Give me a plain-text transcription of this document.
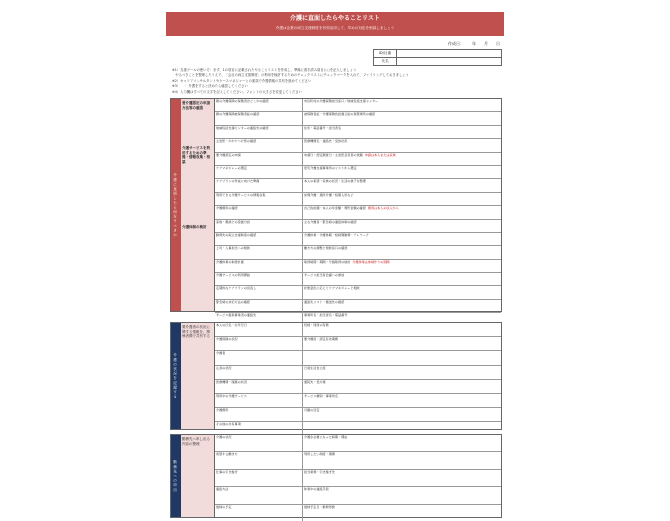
介護に直面したらやることリスト
介護は企業の両立支援制度を有効活用して、早めの対応を相談しましょう
作成日：　　年　　月　　日
ID/社番
氏名
※1）支援ツールの使い方：まず、1の項目に記載されたやることリストを作成し、準備に着手済み項目に○を記入しましょう
　やるべきことを整理したうえで、「会社の両立支援制度」の利用を検討するためのチェックリストにチェックマークを入れて、ファイリングしておきましょう
※2）キャリアコンサルタントやケースマネジャーとの面談で介護情報の共有を進めてください
※3）　　：介護をすると決めたら確認してください
※4）入力欄はすべての文字を記入してください。フォントの大きさを変更してください
介護に直面したら何をすべきか
要介護認定の申請方法等の確認
介護サービスを利用するための準備・情報収集・相談
介護体制の検討
親の介護保険の保険者がどこかの確認	市区町村の介護保険担当窓口／地域包括支援センター
親の介護保険被保険者証の確認	被保険者証・介護保険負担割合証の保管場所の確認
地域包括支援センターの連絡先の確認	住所・電話番号・担当者名
主治医・かかりつけ医の確認	医療機関名・連絡先・受診状況
要介護認定の申請	申請日・認定調査日・主治医意見書の依頼 申請は本人または家族
ケアマネジャーの選定	居宅介護支援事業所のリストから選定
ケアプランの作成に向けた準備	本人の希望・家族の状況・生活の様子を整理
利用できる介護サービスの情報収集	訪問介護・通所介護・短期入所など
介護費用の確認	自己負担額・本人の年金額・預貯金額の確認 費用は本人の収入から
家族・親族との役割分担	主な介護者・緊急時の連絡体制の確認
勤務先の両立支援制度の確認	介護休業・介護休暇・短時間勤務・テレワーク
上司・人事担当への相談	働き方の調整と相談窓口の確認
介護休業の取得計画	取得時期・期間・分割取得の検討 介護休業は体制作りの期間
介護サービスの利用開始	サービス担当者会議への参加
定期的なケアプランの見直し	状態変化に応じてケアマネジャーと相談
緊急時の対応方法の確認	連絡先リスト・搬送先の確認
サービス提供事業者の連絡先	事業所名・担当者名・電話番号
介護の状況を記録する
要介護者の状況に関する情報を、関係者間で共有する
本人の氏名・生年月日	続柄・同居の有無
介護保険の状況	要介護度・認定有効期間
介護者
心身の状況	日常生活自立度
医療機関・服薬の状況	通院先・処方薬
利用中の介護サービス	サービス種別・事業所名
介護費用	月額の目安
その他の共有事項
勤務先への申出
勤務先へ申し出る内容の整理
介護の状況	介護が必要になった時期・理由
希望する働き方	利用したい制度・期間
仕事の引き継ぎ	担当業務・引き継ぎ先
連絡方法	休業中の連絡手段
復帰の予定	復帰予定日・勤務形態
